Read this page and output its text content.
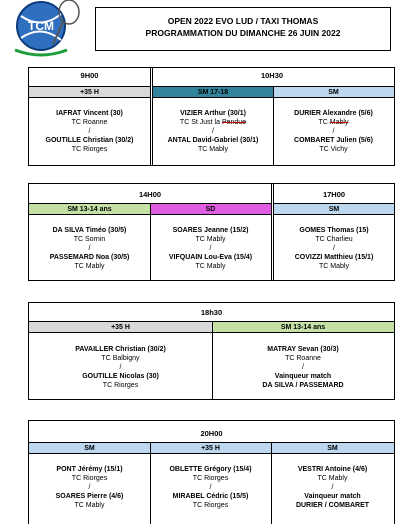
TCM	OPEN 2022 EVO LUD / TAXI THOMAS
PROGRAMMATION DU DIMANCHE 26 JUIN 2022
9H00	10H30
+35 H	SM 17-18	SM
IAFRAT Vincent (30)
TC Roanne
/
GOUTILLE Christian (30/2)
TC Riorges
VIZIER Arthur (30/1)
TC St Just la Pendue
/
ANTAL David-Gabriel (30/1)
TC Mably
DURIER Alexandre (5/6)
TC Mably
/
COMBARET Julien (5/6)
TC Vichy
14H00	17H00
SM 13-14 ans	SD	SM
DA SILVA Timéo (30/5)
TC Sornin
/
PASSEMARD Noa (30/5)
TC Mably
SOARES Jeanne (15/2)
TC Mably
/
VIFQUAIN Lou-Eva (15/4)
TC Mably
GOMES Thomas (15)
TC Charlieu
/
COVIZZI Matthieu (15/1)
TC Mably
18h30
+35 H	SM 13-14 ans
PAVAILLER Christian (30/2)
TC Balbigny
/
GOUTILLE Nicolas (30)
TC Riorges
MATRAY Sevan (30/3)
TC Roanne
/
Vainqueur match
DA SILVA / PASSEMARD
20H00
SM	+35 H	SM
PONT Jérémy (15/1)
TC Riorges
/
SOARES Pierre (4/6)
TC Mably
OBLETTE Grégory (15/4)
TC Riorges
/
MIRABEL Cédric (15/5)
TC Riorges
VESTRI Antoine (4/6)
TC Mably
/
Vainqueur match
DURIER / COMBARET
